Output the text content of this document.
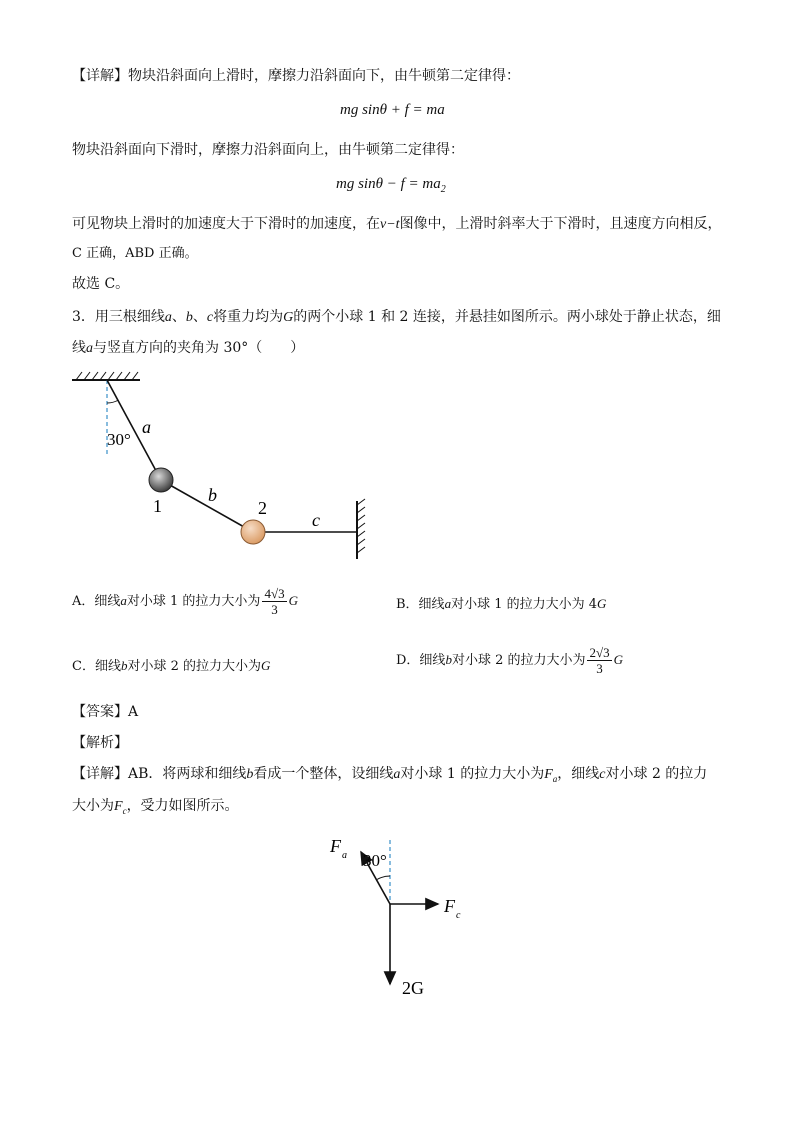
【详解】物块沿斜面向上滑时，摩擦力沿斜面向下，由牛顿第二定律得：
mg sinθ + f = ma
物块沿斜面向下滑时，摩擦力沿斜面向上，由牛顿第二定律得：
mg $\sin\theta - f = ma_2$
可见物块上滑时的加速度大于下滑时的加速度，在v−t图像中，上滑时斜率大于下滑时，且速度方向相反，
C 正确，ABD 正确。
故选 C。
3．用三根细线a、b、c将重力均为G的两个小球 1 和 2 连接，并悬挂如图所示。两小球处于静止状态，细
线a与竖直方向的夹角为 30°（　　）
30°
a
b
c
1	2
A．细线a对小球 1 的拉力大小为 $\frac{4√3}{3}$ G	B．细线a对小球 1 的拉力大小为 4G
C．细线b对小球 2 的拉力大小为G	D．细线b对小球 2 的拉力大小为 $\frac{2√3}{3}$ G
【答案】A
【解析】
【详解】AB．将两球和细线b看成一个整体，设细线a对小球 1 的拉力大小为$F_a$，细线c对小球 2 的拉力
大小为$F_c$，受力如图所示。
F a 30°
F c
2G
